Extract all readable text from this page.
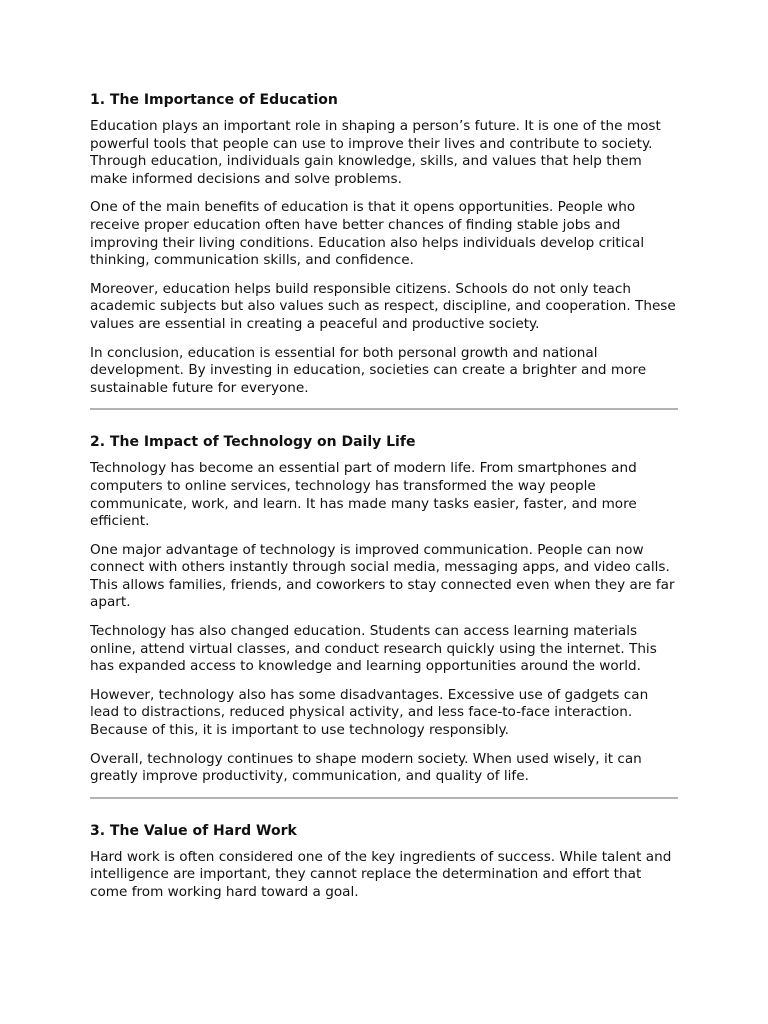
1. The Importance of Education

Education plays an important role in shaping a person’s future. It is one of the most powerful tools that people can use to improve their lives and contribute to society. Through education, individuals gain knowledge, skills, and values that help them make informed decisions and solve problems.

One of the main benefits of education is that it opens opportunities. People who receive proper education often have better chances of finding stable jobs and improving their living conditions. Education also helps individuals develop critical thinking, communication skills, and confidence.

Moreover, education helps build responsible citizens. Schools do not only teach academic subjects but also values such as respect, discipline, and cooperation. These values are essential in creating a peaceful and productive society.

In conclusion, education is essential for both personal growth and national development. By investing in education, societies can create a brighter and more sustainable future for everyone.

2. The Impact of Technology on Daily Life

Technology has become an essential part of modern life. From smartphones and computers to online services, technology has transformed the way people communicate, work, and learn. It has made many tasks easier, faster, and more efficient.

One major advantage of technology is improved communication. People can now connect with others instantly through social media, messaging apps, and video calls. This allows families, friends, and coworkers to stay connected even when they are far apart.

Technology has also changed education. Students can access learning materials online, attend virtual classes, and conduct research quickly using the internet. This has expanded access to knowledge and learning opportunities around the world.

However, technology also has some disadvantages. Excessive use of gadgets can lead to distractions, reduced physical activity, and less face-to-face interaction. Because of this, it is important to use technology responsibly.

Overall, technology continues to shape modern society. When used wisely, it can greatly improve productivity, communication, and quality of life.

3. The Value of Hard Work

Hard work is often considered one of the key ingredients of success. While talent and intelligence are important, they cannot replace the determination and effort that come from working hard toward a goal.
